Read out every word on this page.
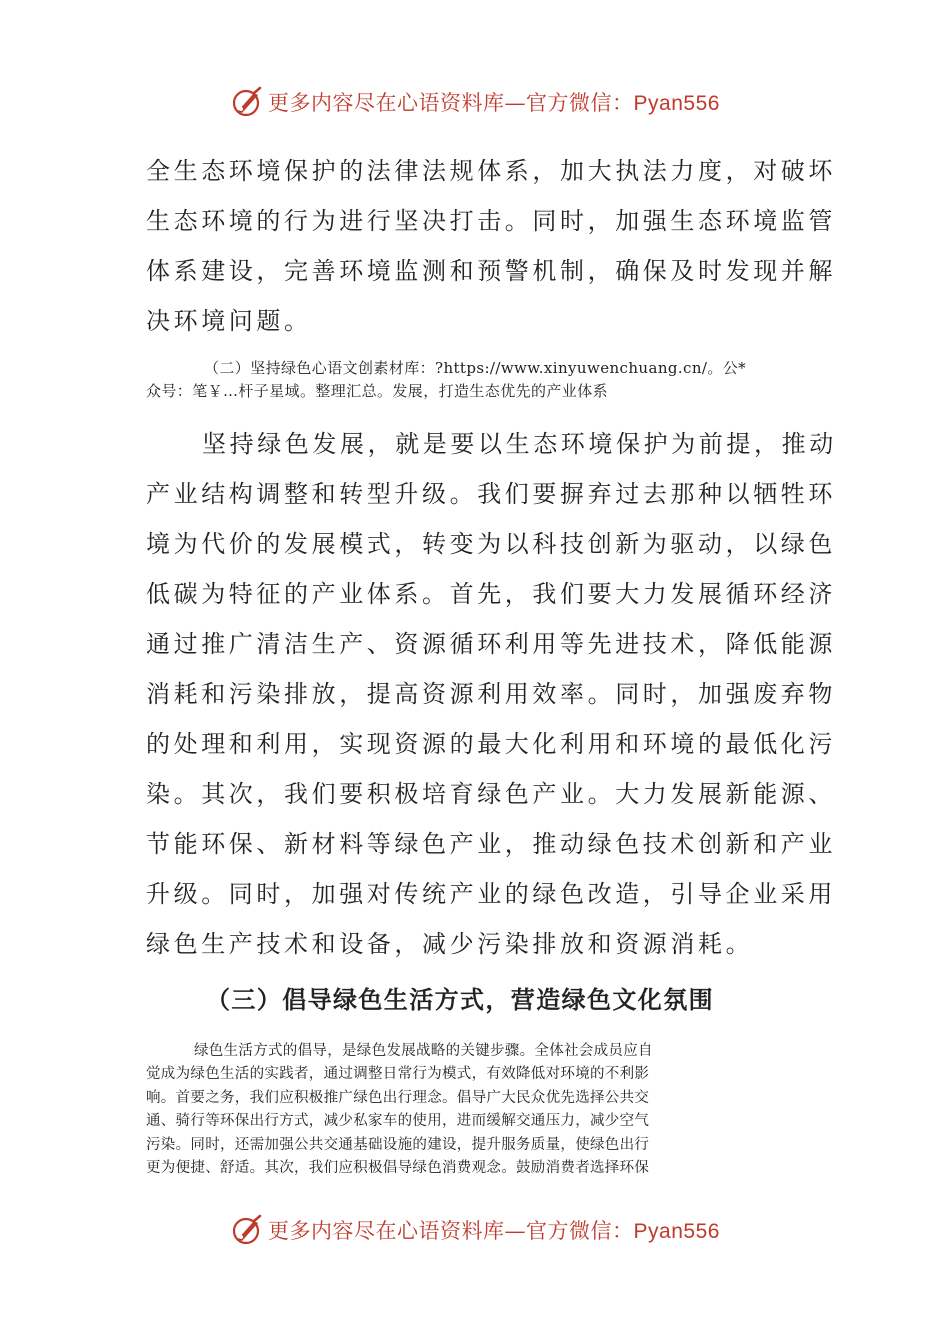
更多内容尽在心语资料库—官方微信：Pyan556
全生态环境保护的法律法规体系，加大执法力度，对破坏
生态环境的行为进行坚决打击。同时，加强生态环境监管
体系建设，完善环境监测和预警机制，确保及时发现并解
决环境问题。
（二）坚持绿色心语文创素材库：?https://www.xinyuwenchuang.cn/。公*
众号：笔￥…杆子星域。整理汇总。发展，打造生态优先的产业体系
坚持绿色发展，就是要以生态环境保护为前提，推动
产业结构调整和转型升级。我们要摒弃过去那种以牺牲环
境为代价的发展模式，转变为以科技创新为驱动，以绿色
低碳为特征的产业体系。首先，我们要大力发展循环经济
通过推广清洁生产、资源循环利用等先进技术，降低能源
消耗和污染排放，提高资源利用效率。同时，加强废弃物
的处理和利用，实现资源的最大化利用和环境的最低化污
染。其次，我们要积极培育绿色产业。大力发展新能源、
节能环保、新材料等绿色产业，推动绿色技术创新和产业
升级。同时，加强对传统产业的绿色改造，引导企业采用
绿色生产技术和设备，减少污染排放和资源消耗。
（三）倡导绿色生活方式，营造绿色文化氛围
绿色生活方式的倡导，是绿色发展战略的关键步骤。全体社会成员应自
觉成为绿色生活的实践者，通过调整日常行为模式，有效降低对环境的不利影
响。首要之务，我们应积极推广绿色出行理念。倡导广大民众优先选择公共交
通、骑行等环保出行方式，减少私家车的使用，进而缓解交通压力，减少空气
污染。同时，还需加强公共交通基础设施的建设，提升服务质量，使绿色出行
更为便捷、舒适。其次，我们应积极倡导绿色消费观念。鼓励消费者选择环保
更多内容尽在心语资料库—官方微信：Pyan556
